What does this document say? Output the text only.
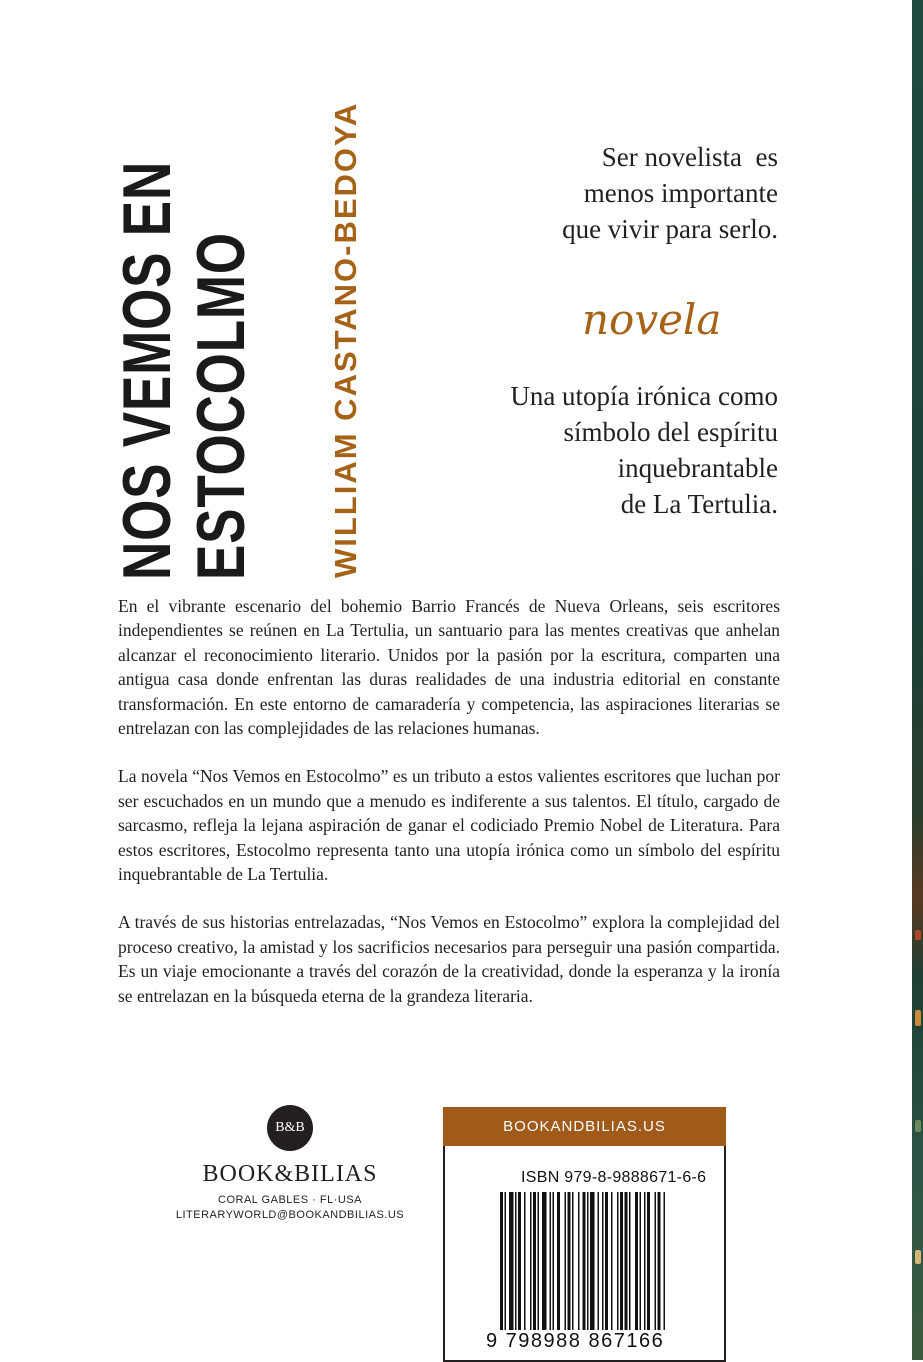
NOS VEMOS EN
ESTOCOLMO WILLIAM CASTANO-BEDOYA	Ser novelista  es
menos importante
que vivir para serlo.
novela
Una utopía irónica como
símbolo del espíritu
inquebrantable
de La Tertulia.

En el vibrante escenario del bohemio Barrio Francés de Nueva Orleans, seis escritores independientes se reúnen en La Tertulia, un santuario para las mentes creativas que anhelan alcanzar el reconocimiento literario. Unidos por la pasión por la escritura, comparten una antigua casa donde enfrentan las duras realidades de una industria editorial en constante transformación. En este entorno de camaradería y competencia, las aspiraciones literarias se entrelazan con las complejidades de las relaciones humanas.

La novela “Nos Vemos en Estocolmo” es un tributo a estos valientes escritores que luchan por ser escuchados en un mundo que a menudo es indiferente a sus talentos. El título, cargado de sarcasmo, refleja la lejana aspiración de ganar el codiciado Premio Nobel de Literatura. Para estos escritores, Estocolmo representa tanto una utopía irónica como un símbolo del espíritu inquebrantable de La Tertulia.

A través de sus historias entrelazadas, “Nos Vemos en Estocolmo” explora la complejidad del proceso creativo, la amistad y los sacrificios necesarios para perseguir una pasión compartida. Es un viaje emocionante a través del corazón de la creatividad, donde la esperanza y la ironía se entrelazan en la búsqueda eterna de la grandeza literaria.

B&B
BOOK&BILIAS
CORAL GABLES · FL·USA
LITERARYWORLD@BOOKANDBILIAS.US
BOOKANDBILIAS.US
ISBN 979-8-9888671-6-6
9 798988 867166
